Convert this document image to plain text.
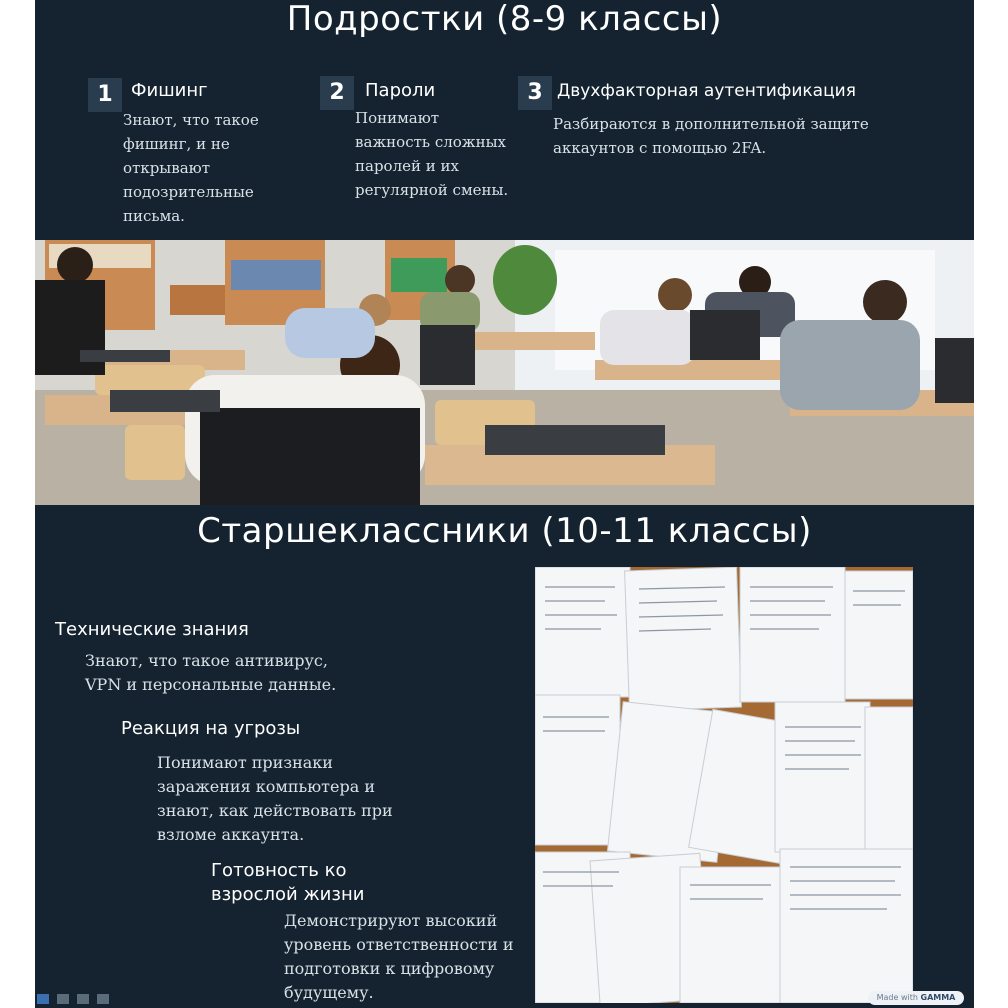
Подростки (8-9 классы)
1	Фишинг
Знают, что такое
фишинг, и не
открывают
подозрительные
письма.
2	Пароли
Понимают
важность сложных
паролей и их
регулярной смены.
3 Двухфакторная аутентификация
Разбираются в дополнительной защите
аккаунтов с помощью 2FA.
Старшеклассники (10-11 классы)
Технические знания
Знают, что такое антивирус,
VPN и персональные данные.
Реакция на угрозы
Понимают признаки
заражения компьютера и
знают, как действовать при
взломе аккаунта.
Готовность ко
взрослой жизни
Демонстрируют высокий
уровень ответственности и
подготовки к цифровому
будущему.	Made with GAMMA
